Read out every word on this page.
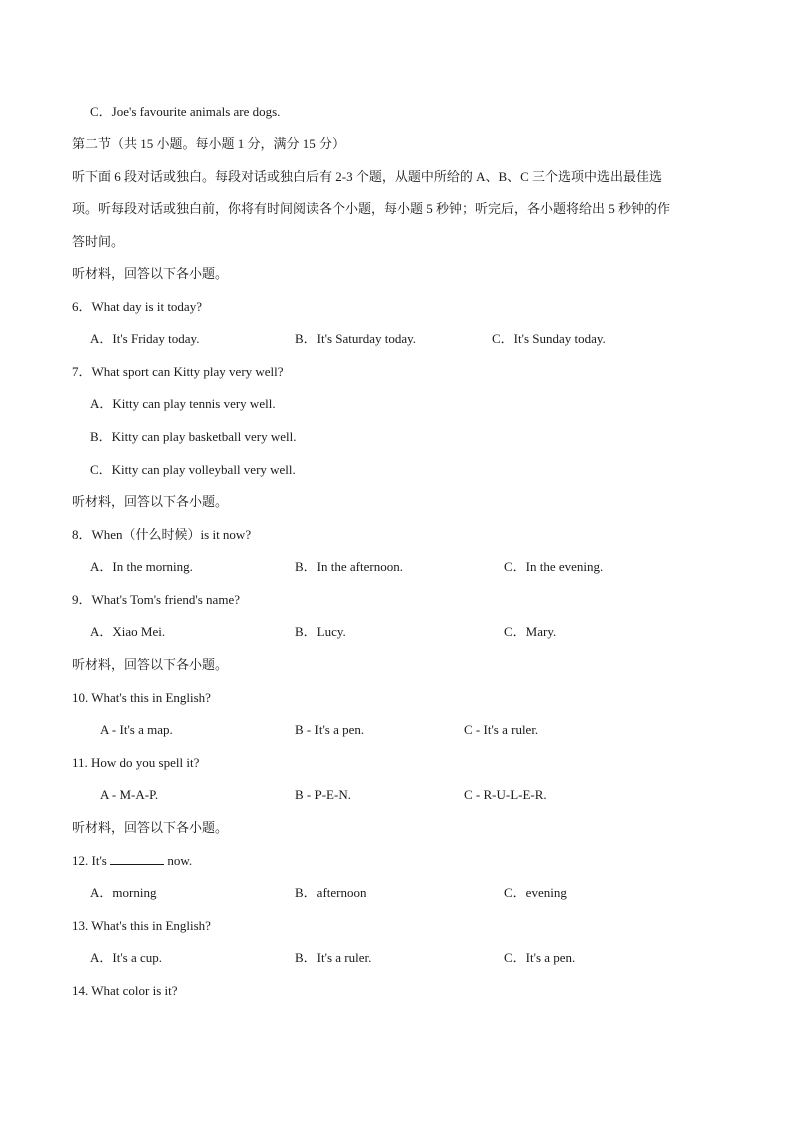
C．Joe's favourite animals are dogs.
第二节（共 15 小题。每小题 1 分，满分 15 分）
听下面 6 段对话或独白。每段对话或独白后有 2-3 个题，从题中所给的 A、B、C 三个选项中选出最佳选
项。听每段对话或独白前，你将有时间阅读各个小题，每小题 5 秒钟；听完后，各小题将给出 5 秒钟的作
答时间。
听材料，回答以下各小题。
6．What day is it today?
A．It's Friday today.	B．It's Saturday today.	C．It's Sunday today.
7．What sport can Kitty play very well?
A．Kitty can play tennis very well.
B．Kitty can play basketball very well.
C．Kitty can play volleyball very well.
听材料，回答以下各小题。
8．When（什么时候）is it now?
A．In the morning.	B．In the afternoon.	C．In the evening.
9．What's Tom's friend's name?
A．Xiao Mei.	B．Lucy.	C．Mary.
听材料，回答以下各小题。
10. What's this in English?
A - It's a map.	B - It's a pen.	C - It's a ruler.
11. How do you spell it?
A - M-A-P.	B - P-E-N.	C - R-U-L-E-R.
听材料，回答以下各小题。
12. It's	now.
A．morning	B．afternoon	C．evening
13. What's this in English?
A．It's a cup.	B．It's a ruler.	C．It's a pen.
14. What color is it?
